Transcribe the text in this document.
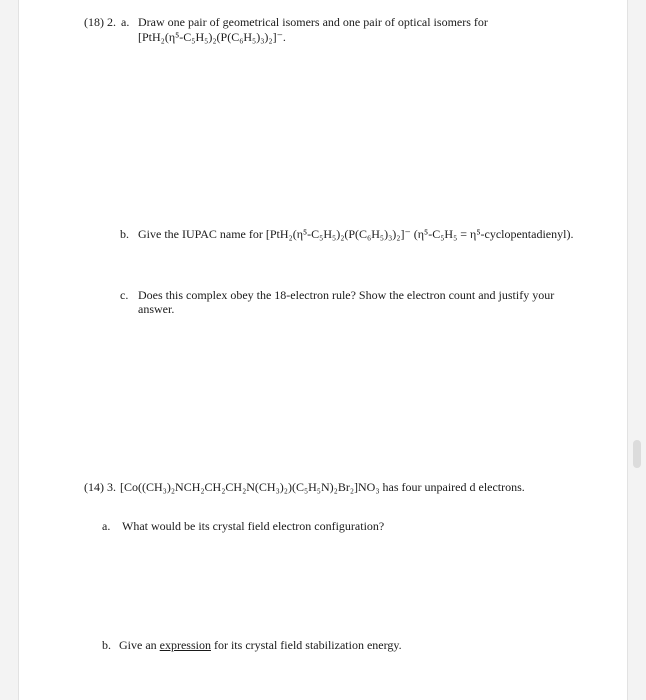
(18) 2. a. Draw one pair of geometrical isomers and one pair of optical isomers for
[PtH₂(η⁵-C₅H₅)₂(P(C₆H₅)₃)₂]⁻.
b. Give the IUPAC name for [PtH₂(η⁵-C₅H₅)₂(P(C₆H₅)₃)₂]⁻ (η⁵-C₅H₅ = η⁵-cyclopentadienyl).
c. Does this complex obey the 18-electron rule? Show the electron count and justify your
answer.
(14) 3. [Co((CH₃)₂NCH₂CH₂CH₂N(CH₃)₂)(C₅H₅N)₂Br₂]NO₃ has four unpaired d electrons.
a. What would be its crystal field electron configuration?
b. Give an expression for its crystal field stabilization energy.
